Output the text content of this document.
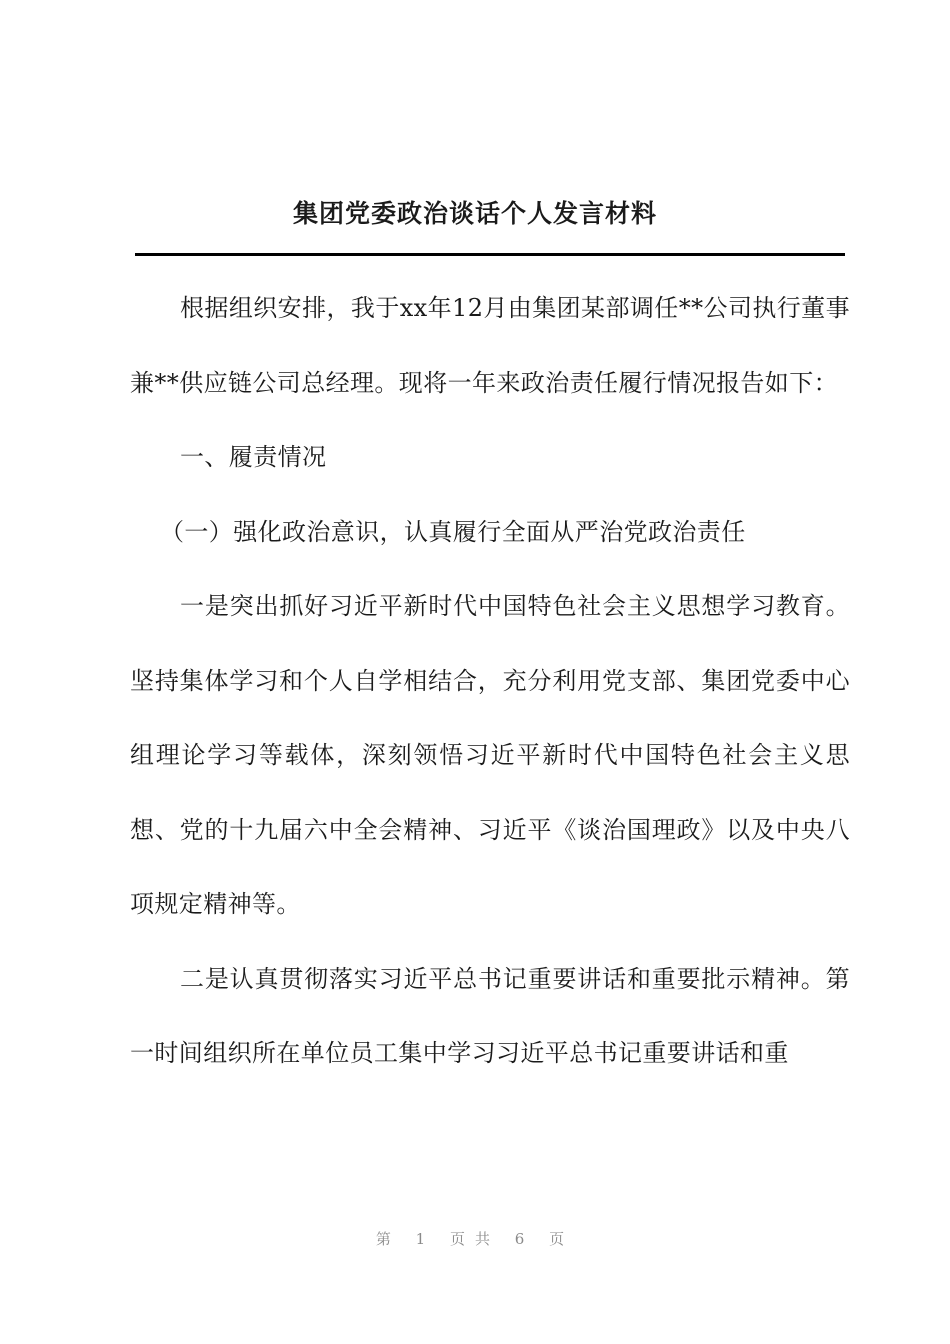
集团党委政治谈话个人发言材料

根据组织安排，我于xx年12月由集团某部调任**公司执行董事兼**供应链公司总经理。现将一年来政治责任履行情况报告如下：

一、履责情况

（一）强化政治意识，认真履行全面从严治党政治责任

一是突出抓好习近平新时代中国特色社会主义思想学习教育。坚持集体学习和个人自学相结合，充分利用党支部、集团党委中心组理论学习等载体，深刻领悟习近平新时代中国特色社会主义思想、党的十九届六中全会精神、习近平《谈治国理政》以及中央八项规定精神等。

二是认真贯彻落实习近平总书记重要讲话和重要批示精神。第一时间组织所在单位员工集中学习习近平总书记重要讲话和重

第 1 页共 6 页
